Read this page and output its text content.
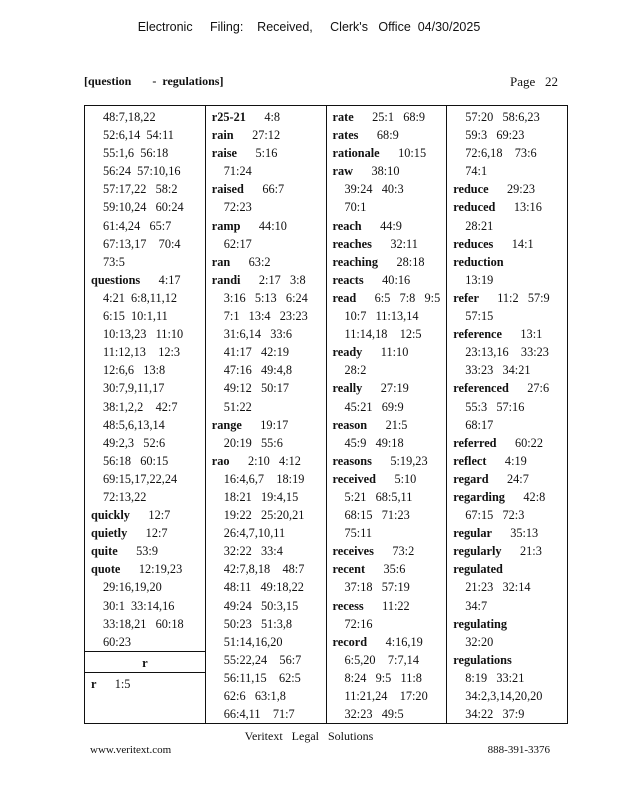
Electronic     Filing:    Received,     Clerk's   Office  04/30/2025
[question       -  regulations]	Page   22
48:7,18,22
52:6,14  54:11
55:1,6  56:18
56:24  57:10,16
57:17,22   58:2
59:10,24   60:24
61:4,24   65:7
67:13,17    70:4
73:5
questions 4:17
4:21  6:8,11,12
6:15  10:1,11
10:13,23   11:10
11:12,13    12:3
12:6,6   13:8
30:7,9,11,17
38:1,2,2    42:7
48:5,6,13,14
49:2,3   52:6
56:18   60:15
69:15,17,22,24
72:13,22
quickly 12:7
quietly 12:7
quite 53:9
quote 12:19,23
29:16,19,20
30:1  33:14,16
33:18,21   60:18
60:23
r
r 1:5
r25-21 4:8
rain 27:12
raise 5:16
71:24
raised 66:7
72:23
ramp 44:10
62:17
ran 63:2
randi 2:17   3:8
3:16   5:13   6:24
7:1   13:4   23:23
31:6,14   33:6
41:17   42:19
47:16   49:4,8
49:12   50:17
51:22
range 19:17
20:19   55:6
rao 2:10   4:12
16:4,6,7    18:19
18:21   19:4,15
19:22   25:20,21
26:4,7,10,11
32:22   33:4
42:7,8,18    48:7
48:11   49:18,22
49:24   50:3,15
50:23   51:3,8
51:14,16,20
55:22,24    56:7
56:11,15    62:5
62:6   63:1,8
66:4,11    71:7
rate 25:1   68:9
rates 68:9
rationale 10:15
raw 38:10
39:24   40:3
70:1
reach 44:9
reaches 32:11
reaching 28:18
reacts 40:16
read 6:5   7:8   9:5
10:7   11:13,14
11:14,18    12:5
ready 11:10
28:2
really 27:19
45:21   69:9
reason 21:5
45:9   49:18
reasons 5:19,23
received 5:10
5:21   68:5,11
68:15   71:23
75:11
receives 73:2
recent 35:6
37:18   57:19
recess 11:22
72:16
record 4:16,19
6:5,20    7:7,14
8:24   9:5   11:8
11:21,24    17:20
32:23   49:5
57:20   58:6,23
59:3   69:23
72:6,18    73:6
74:1
reduce 29:23
reduced 13:16
28:21
reduces 14:1
reduction
13:19
refer 11:2   57:9
57:15
reference 13:1
23:13,16    33:23
33:23   34:21
referenced 27:6
55:3   57:16
68:17
referred 60:22
reflect 4:19
regard 24:7
regarding 42:8
67:15   72:3
regular 35:13
regularly 21:3
regulated
21:23   32:14
34:7
regulating
32:20
regulations
8:19   33:21
34:2,3,14,20,20
34:22   37:9
Veritext   Legal   Solutions
www.veritext.com	888-391-3376
